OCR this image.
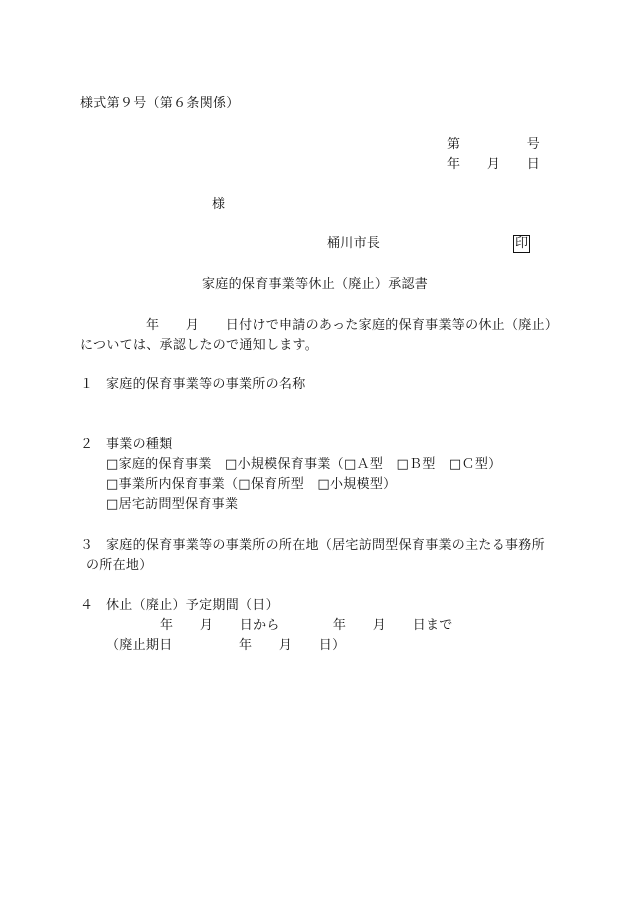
様式第９号（第６条関係）
第　　　　　号
年　　月　　日
様
桶川市長	印
家庭的保育事業等休止（廃止）承認書
年　　月　　日付けで申請のあった家庭的保育事業等の休止（廃止）
については、承認したので通知します。
１ 家庭的保育事業等の事業所の名称
２ 事業の種類
□家庭的保育事業　□小規模保育事業（□Ａ型　□Ｂ型　□Ｃ型）
□事業所内保育事業（□保育所型　□小規模型）
□居宅訪問型保育事業
３ 家庭的保育事業等の事業所の所在地（居宅訪問型保育事業の主たる事務所
の所在地）
４ 休止（廃止）予定期間（日）
年　　月　　日から　　　　年　　月　　日まで
（廃止期日　　　　　年　　月　　日）
